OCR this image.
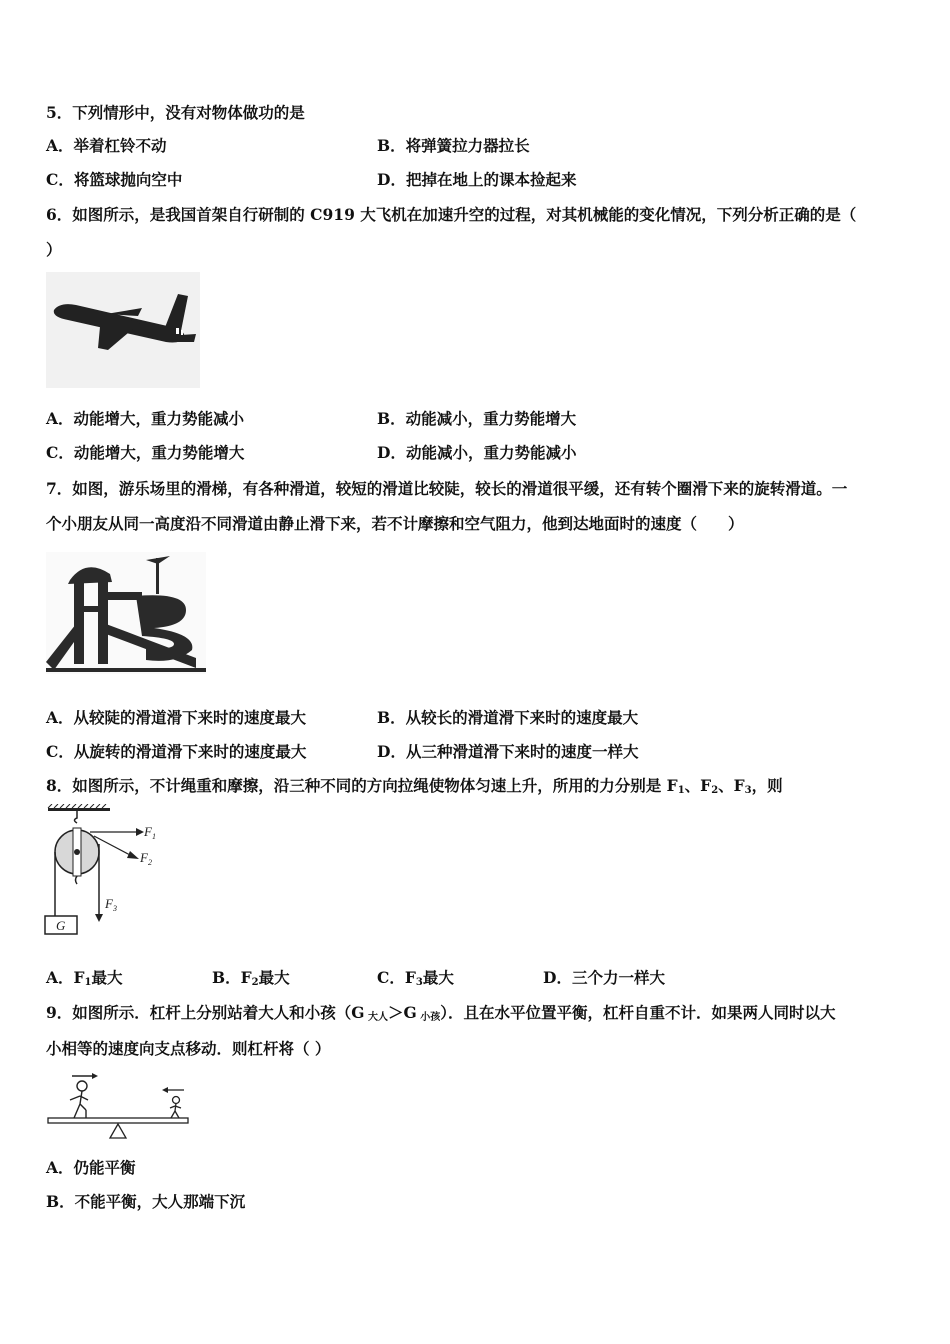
5．下列情形中，没有对物体做功的是
A．举着杠铃不动	B．将弹簧拉力器拉长
C．将篮球抛向空中	D．把掉在地上的课本捡起来
6．如图所示，是我国首架自行研制的 C919 大飞机在加速升空的过程，对其机械能的变化情况，下列分析正确的是（
）
A．动能增大，重力势能减小	B．动能减小，重力势能增大
C．动能增大，重力势能增大	D．动能减小，重力势能减小
7．如图，游乐场里的滑梯，有各种滑道，较短的滑道比较陡，较长的滑道很平缓，还有转个圈滑下来的旋转滑道。一
个小朋友从同一高度沿不同滑道由静止滑下来，若不计摩擦和空气阻力，他到达地面时的速度（　　）
A．从较陡的滑道滑下来时的速度最大	B．从较长的滑道滑下来时的速度最大
C．从旋转的滑道滑下来时的速度最大	D．从三种滑道滑下来时的速度一样大
8．如图所示，不计绳重和摩擦，沿三种不同的方向拉绳使物体匀速上升，所用的力分别是 $F_1$、$F_2$、$F_3$，则
$F_1$
$F_2$
$F_3$
G
A．$F_1$最大	B．$F_2$最大	C．$F_3$最大	D．三个力一样大
9．如图所示．杠杆上分别站着大人和小孩（G $_{大人}$＞G $_{小孩}$）．且在水平位置平衡，杠杆自重不计．如果两人同时以大
小相等的速度向支点移动．则杠杆将（ ）
A．仍能平衡
B．不能平衡，大人那端下沉
